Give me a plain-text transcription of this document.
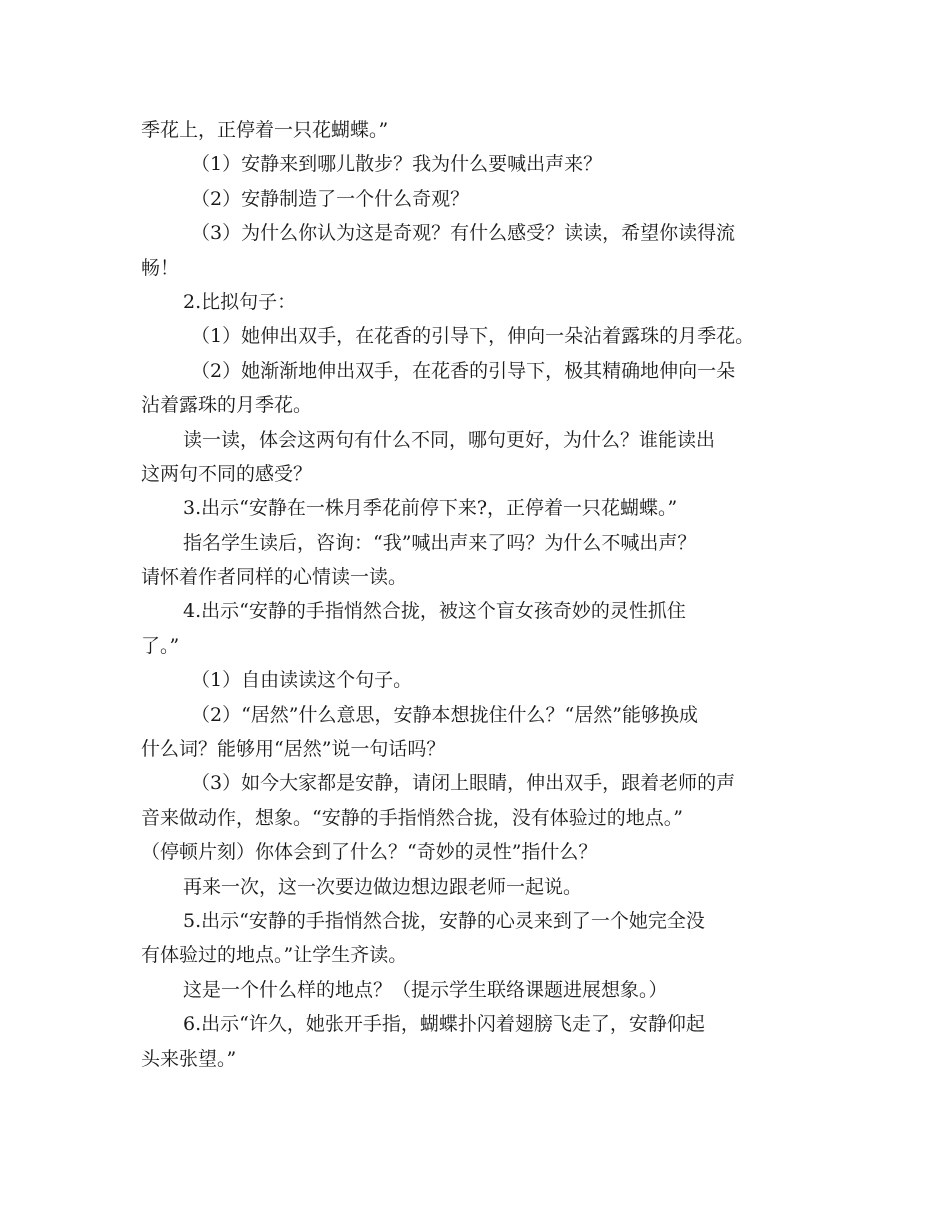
季花上，正停着一只花蝴蝶。”
（1）安静来到哪儿散步？我为什么要喊出声来？
（2）安静制造了一个什么奇观？
（3）为什么你认为这是奇观？有什么感受？读读，希望你读得流
畅！
2.比拟句子：
（1）她伸出双手，在花香的引导下，伸向一朵沾着露珠的月季花。
（2）她渐渐地伸出双手，在花香的引导下，极其精确地伸向一朵
沾着露珠的月季花。
读一读，体会这两句有什么不同，哪句更好，为什么？谁能读出
这两句不同的感受？
3.出示“安静在一株月季花前停下来?，正停着一只花蝴蝶。”
指名学生读后，咨询：“我”喊出声来了吗？为什么不喊出声？
请怀着作者同样的心情读一读。
4.出示“安静的手指悄然合拢，被这个盲女孩奇妙的灵性抓住
了。”
（1）自由读读这个句子。
（2）“居然”什么意思，安静本想拢住什么？“居然”能够换成
什么词？能够用“居然”说一句话吗？
（3）如今大家都是安静，请闭上眼睛，伸出双手，跟着老师的声
音来做动作，想象。“安静的手指悄然合拢，没有体验过的地点。”
（停顿片刻）你体会到了什么？“奇妙的灵性”指什么？
再来一次，这一次要边做边想边跟老师一起说。
5.出示“安静的手指悄然合拢，安静的心灵来到了一个她完全没
有体验过的地点。”让学生齐读。
这是一个什么样的地点？（提示学生联络课题进展想象。）
6.出示“许久，她张开手指，蝴蝶扑闪着翅膀飞走了，安静仰起
头来张望。”
